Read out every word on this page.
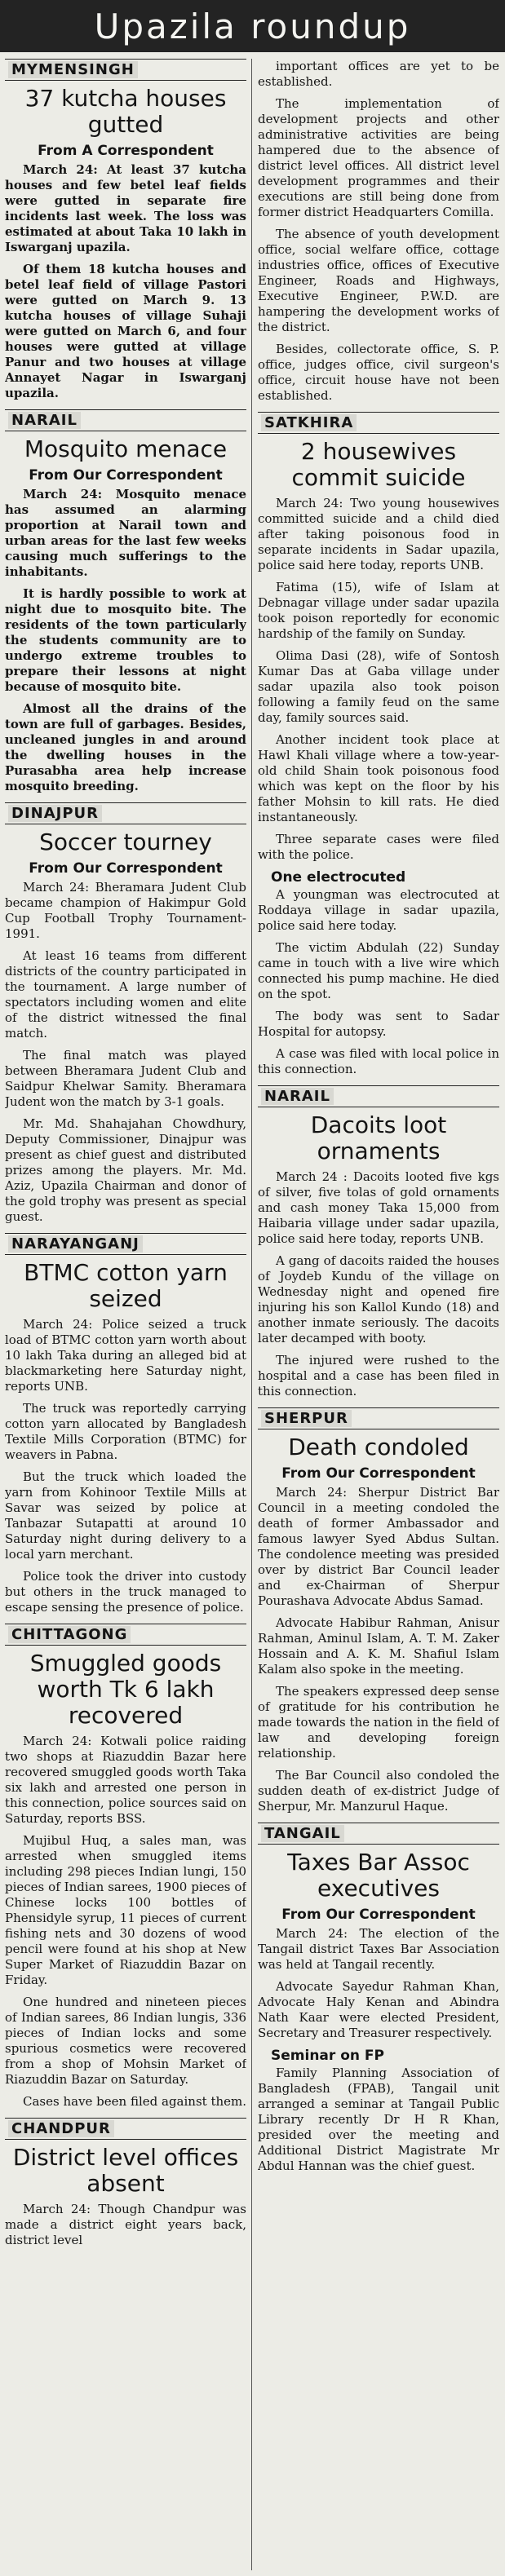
Upazila roundup
MYMENSINGH
37 kutcha houses gutted
From A Correspondent

March 24: At least 37 kutcha houses and few betel leaf fields were gutted in separate fire incidents last week. The loss was estimated at about Taka 10 lakh in Iswarganj upazila.

Of them 18 kutcha houses and betel leaf field of village Pastori were gutted on March 9. 13 kutcha houses of village Suhaji were gutted on March 6, and four houses were gutted at village Panur and two houses at village Annayet Nagar in Iswarganj upazila.

NARAIL
Mosquito menace
From Our Correspondent

March 24: Mosquito menace has assumed an alarming proportion at Narail town and urban areas for the last few weeks causing much sufferings to the inhabitants.

It is hardly possible to work at night due to mosquito bite. The residents of the town particularly the students community are to undergo extreme troubles to prepare their lessons at night because of mosquito bite.

Almost all the drains of the town are full of garbages. Besides, uncleaned jungles in and around the dwelling houses in the Purasabha area help increase mosquito breeding.

DINAJPUR
Soccer tourney
From Our Correspondent

March 24: Bheramara Judent Club became champion of Hakimpur Gold Cup Football Trophy Tournament-1991.

At least 16 teams from different districts of the country participated in the tournament. A large number of spectators including women and elite of the district witnessed the final match.

The final match was played between Bheramara Judent Club and Saidpur Khelwar Samity. Bheramara Judent won the match by 3-1 goals.

Mr. Md. Shahajahan Chowdhury, Deputy Commissioner, Dinajpur was present as chief guest and distributed prizes among the players. Mr. Md. Aziz, Upazila Chairman and donor of the gold trophy was present as special guest.

NARAYANGANJ
BTMC cotton yarn seized

March 24: Police seized a truck load of BTMC cotton yarn worth about 10 lakh Taka during an alleged bid at blackmarketing here Saturday night, reports UNB.

The truck was reportedly carrying cotton yarn allocated by Bangladesh Textile Mills Corporation (BTMC) for weavers in Pabna.

But the truck which loaded the yarn from Kohinoor Textile Mills at Savar was seized by police at Tanbazar Sutapatti at around 10 Saturday night during delivery to a local yarn merchant.

Police took the driver into custody but others in the truck managed to escape sensing the presence of police.

CHITTAGONG
Smuggled goods worth Tk 6 lakh recovered

March 24: Kotwali police raiding two shops at Riazuddin Bazar here recovered smuggled goods worth Taka six lakh and arrested one person in this connection, police sources said on Saturday, reports BSS.

Mujibul Huq, a sales man, was arrested when smuggled items including 298 pieces Indian lungi, 150 pieces of Indian sarees, 1900 pieces of Chinese locks 100 bottles of Phensidyle syrup, 11 pieces of current fishing nets and 30 dozens of wood pencil were found at his shop at New Super Market of Riazuddin Bazar on Friday.

One hundred and nineteen pieces of Indian sarees, 86 Indian lungis, 336 pieces of Indian locks and some spurious cosmetics were recovered from a shop of Mohsin Market of Riazuddin Bazar on Saturday.

Cases have been filed against them.

CHANDPUR
District level offices absent

March 24: Though Chandpur was made a district eight years back, district level

important offices are yet to be established.

The implementation of development projects and other administrative activities are being hampered due to the absence of district level offices. All district level development programmes and their executions are still being done from former district Headquarters Comilla.

The absence of youth development office, social welfare office, cottage industries office, offices of Executive Engineer, Roads and Highways, Executive Engineer, P.W.D. are hampering the development works of the district.

Besides, collectorate office, S. P. office, judges office, civil surgeon's office, circuit house have not been established.

SATKHIRA
2 housewives commit suicide

March 24: Two young housewives committed suicide and a child died after taking poisonous food in separate incidents in Sadar upazila, police said here today, reports UNB.

Fatima (15), wife of Islam at Debnagar village under sadar upazila took poison reportedly for economic hardship of the family on Sunday.

Olima Dasi (28), wife of Sontosh Kumar Das at Gaba village under sadar upazila also took poison following a family feud on the same day, family sources said.

Another incident took place at Hawl Khali village where a tow-year-old child Shain took poisonous food which was kept on the floor by his father Mohsin to kill rats. He died instantaneously.

Three separate cases were filed with the police.

One electrocuted

A youngman was electrocuted at Roddaya village in sadar upazila, police said here today.

The victim Abdulah (22) Sunday came in touch with a live wire which connected his pump machine. He died on the spot.

The body was sent to Sadar Hospital for autopsy.

A case was filed with local police in this connection.

NARAIL
Dacoits loot ornaments

March 24 : Dacoits looted five kgs of silver, five tolas of gold ornaments and cash money Taka 15,000 from Haibaria village under sadar upazila, police said here today, reports UNB.

A gang of dacoits raided the houses of Joydeb Kundu of the village on Wednesday night and opened fire injuring his son Kallol Kundo (18) and another inmate seriously. The dacoits later decamped with booty.

The injured were rushed to the hospital and a case has been filed in this connection.

SHERPUR
Death condoled
From Our Correspondent

March 24: Sherpur District Bar Council in a meeting condoled the death of former Ambassador and famous lawyer Syed Abdus Sultan. The condolence meeting was presided over by district Bar Council leader and ex-Chairman of Sherpur Pourashava Advocate Abdus Samad.

Advocate Habibur Rahman, Anisur Rahman, Aminul Islam, A. T. M. Zaker Hossain and A. K. M. Shafiul Islam Kalam also spoke in the meeting.

The speakers expressed deep sense of gratitude for his contribution he made towards the nation in the field of law and developing foreign relationship.

The Bar Council also condoled the sudden death of ex-district Judge of Sherpur, Mr. Manzurul Haque.

TANGAIL
Taxes Bar Assoc executives
From Our Correspondent

March 24: The election of the Tangail district Taxes Bar Association was held at Tangail recently.

Advocate Sayedur Rahman Khan, Advocate Haly Kenan and Abindra Nath Kaar were elected President, Secretary and Treasurer respectively.

Seminar on FP

Family Planning Association of Bangladesh (FPAB), Tangail unit arranged a seminar at Tangail Public Library recently Dr H R Khan, presided over the meeting and Additional District Magistrate Mr Abdul Hannan was the chief guest.
